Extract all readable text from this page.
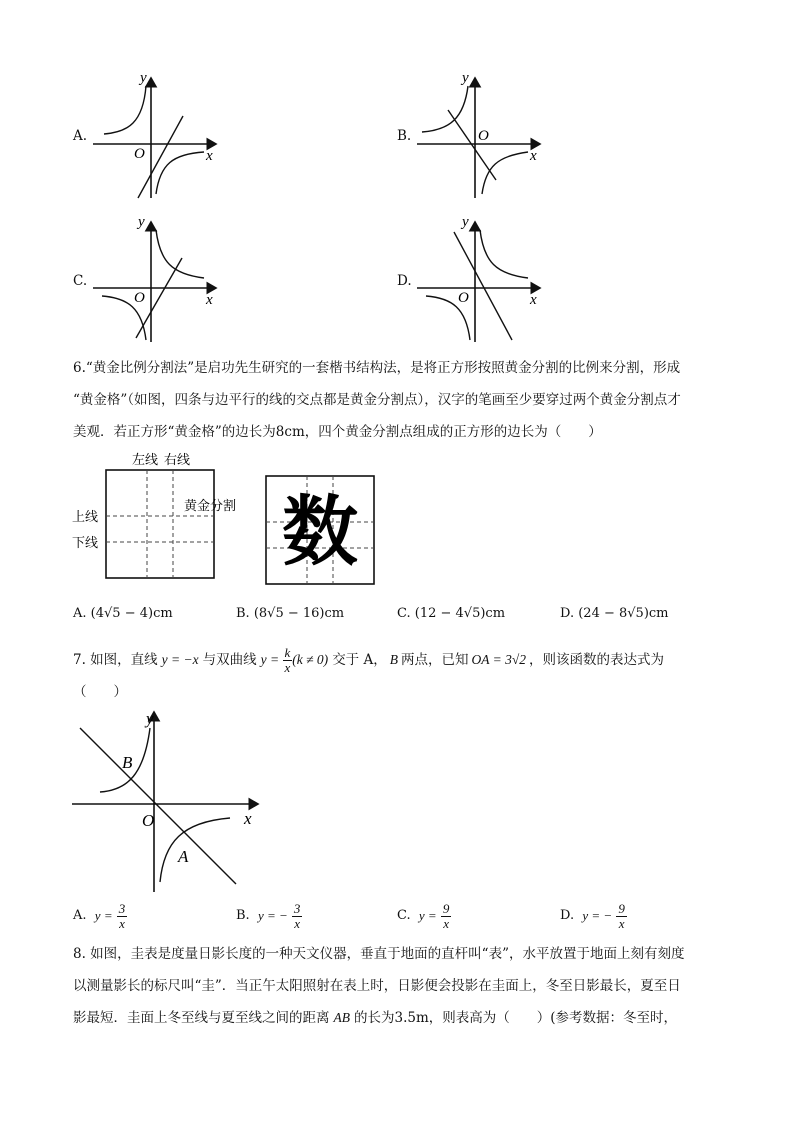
A.
y
x
O
B.
y
x
O
C.
y
x
O
D.
y
x
O
6.“黄金比例分割法”是启功先生研究的一套楷书结构法，是将正方形按照黄金分割的比例来分割，形成
“黄金格”（如图，四条与边平行的线的交点都是黄金分割点），汉字的笔画至少要穿过两个黄金分割点才
美观．若正方形“黄金格”的边长为8cm，四个黄金分割点组成的正方形的边长为（　　）
左线 右线
上线
下线
黄金分割 数
A. (4√5 − 4)cm	B. (8√5 − 16)cm	C. (12 − 4√5)cm	D. (24 − 8√5)cm
7. 如图，直线 y = −x 与双曲线 $y = \frac{k}{x} (k \ne 0)$ 交于 A， B 两点，已知 OA = 3√2 ，则该函数的表达式为
（　　）
y
x
O
B
A
A.
y =
$\frac{3}{x}$	B.
y = −
$\frac{3}{x}$	C.
y =
$\frac{9}{x}$	D.
y = −
$\frac{9}{x}$
8. 如图，圭表是度量日影长度的一种天文仪器，垂直于地面的直杆叫“表”，水平放置于地面上刻有刻度
以测量影长的标尺叫“圭”．当正午太阳照射在表上时，日影便会投影在圭面上，冬至日影最长，夏至日
影最短．圭面上冬至线与夏至线之间的距离 AB 的长为3.5m，则表高为（　　）(参考数据：冬至时，
